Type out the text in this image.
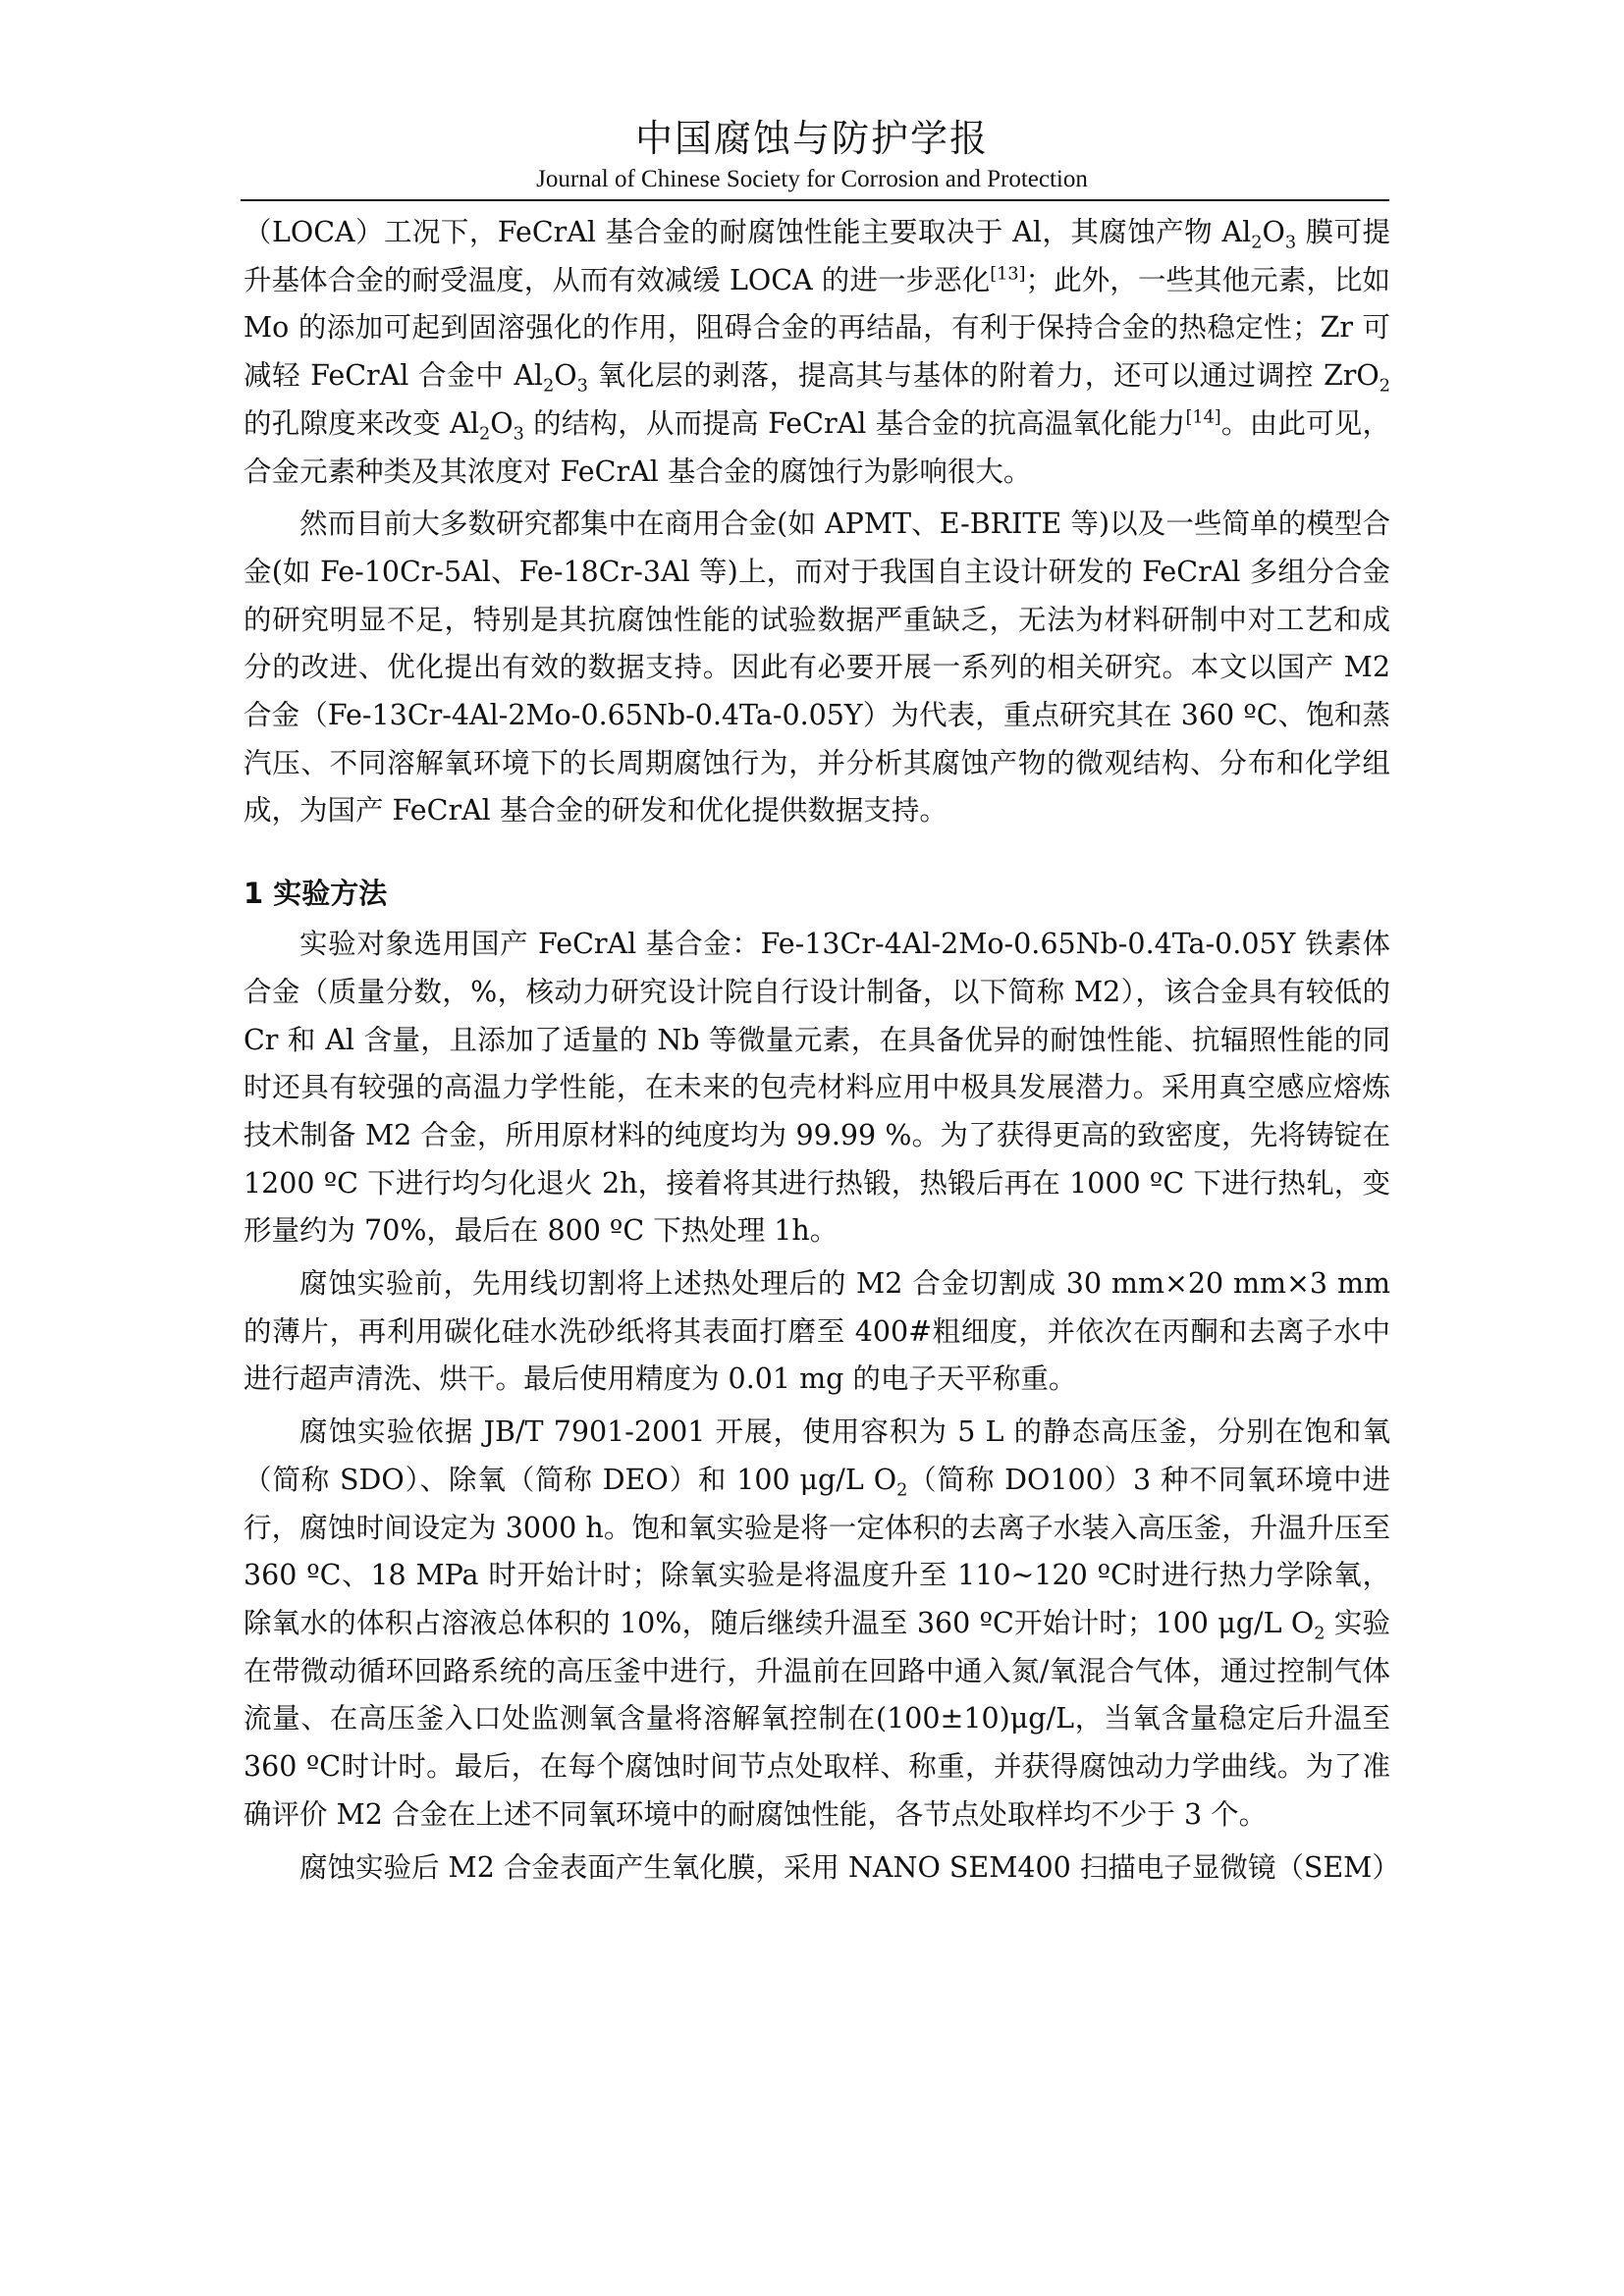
中国腐蚀与防护学报
Journal of Chinese Society for Corrosion and Protection

（LOCA）工况下，FeCrAl 基合金的耐腐蚀性能主要取决于 Al，其腐蚀产物 $Al_2O_3$ 膜可提升基体合金的耐受温度，从而有效减缓 LOCA 的进一步恶化[13]；此外，一些其他元素，比如 Mo 的添加可起到固溶强化的作用，阻碍合金的再结晶，有利于保持合金的热稳定性；Zr 可减轻 FeCrAl 合金中 $Al_2O_3$ 氧化层的剥落，提高其与基体的附着力，还可以通过调控 ZrO$_2$ 的孔隙度来改变 $Al_2O_3$ 的结构，从而提高 FeCrAl 基合金的抗高温氧化能力[14]。由此可见，合金元素种类及其浓度对 FeCrAl 基合金的腐蚀行为影响很大。

然而目前大多数研究都集中在商用合金(如 APMT、E-BRITE 等)以及一些简单的模型合金(如 Fe-10Cr-5Al、Fe-18Cr-3Al 等)上，而对于我国自主设计研发的 FeCrAl 多组分合金的研究明显不足，特别是其抗腐蚀性能的试验数据严重缺乏，无法为材料研制中对工艺和成分的改进、优化提出有效的数据支持。因此有必要开展一系列的相关研究。本文以国产 M2 合金（Fe-13Cr-4Al-2Mo-0.65Nb-0.4Ta-0.05Y）为代表，重点研究其在 360 ºC、饱和蒸汽压、不同溶解氧环境下的长周期腐蚀行为，并分析其腐蚀产物的微观结构、分布和化学组成，为国产 FeCrAl 基合金的研发和优化提供数据支持。

1 实验方法

实验对象选用国产 FeCrAl 基合金：Fe-13Cr-4Al-2Mo-0.65Nb-0.4Ta-0.05Y 铁素体合金（质量分数，%，核动力研究设计院自行设计制备，以下简称 M2），该合金具有较低的 Cr 和 Al 含量，且添加了适量的 Nb 等微量元素，在具备优异的耐蚀性能、抗辐照性能的同时还具有较强的高温力学性能，在未来的包壳材料应用中极具发展潜力。采用真空感应熔炼技术制备 M2 合金，所用原材料的纯度均为 99.99 %。为了获得更高的致密度，先将铸锭在 1200 ºC 下进行均匀化退火 2h，接着将其进行热锻，热锻后再在 1000 ºC 下进行热轧，变形量约为 70%，最后在 800 ºC 下热处理 1h。

腐蚀实验前，先用线切割将上述热处理后的 M2 合金切割成 30 mm×20 mm×3 mm 的薄片，再利用碳化硅水洗砂纸将其表面打磨至 400#粗细度，并依次在丙酮和去离子水中进行超声清洗、烘干。最后使用精度为 0.01 mg 的电子天平称重。

腐蚀实验依据 JB/T 7901-2001 开展，使用容积为 5 L 的静态高压釜，分别在饱和氧（简称 SDO）、除氧（简称 DEO）和 100 μg/L $O_2$（简称 DO100）3 种不同氧环境中进行，腐蚀时间设定为 3000 h。饱和氧实验是将一定体积的去离子水装入高压釜，升温升压至 360 ºC、18 MPa 时开始计时；除氧实验是将温度升至 110~120 ºC时进行热力学除氧，除氧水的体积占溶液总体积的 10%，随后继续升温至 360 ºC开始计时；100 μg/L $O_2$ 实验在带微动循环回路系统的高压釜中进行，升温前在回路中通入氮/氧混合气体，通过控制气体流量、在高压釜入口处监测氧含量将溶解氧控制在(100±10)μg/L，当氧含量稳定后升温至 360 ºC时计时。最后，在每个腐蚀时间节点处取样、称重，并获得腐蚀动力学曲线。为了准确评价 M2 合金在上述不同氧环境中的耐腐蚀性能，各节点处取样均不少于 3 个。

腐蚀实验后 M2 合金表面产生氧化膜，采用 NANO SEM400 扫描电子显微镜（SEM）
